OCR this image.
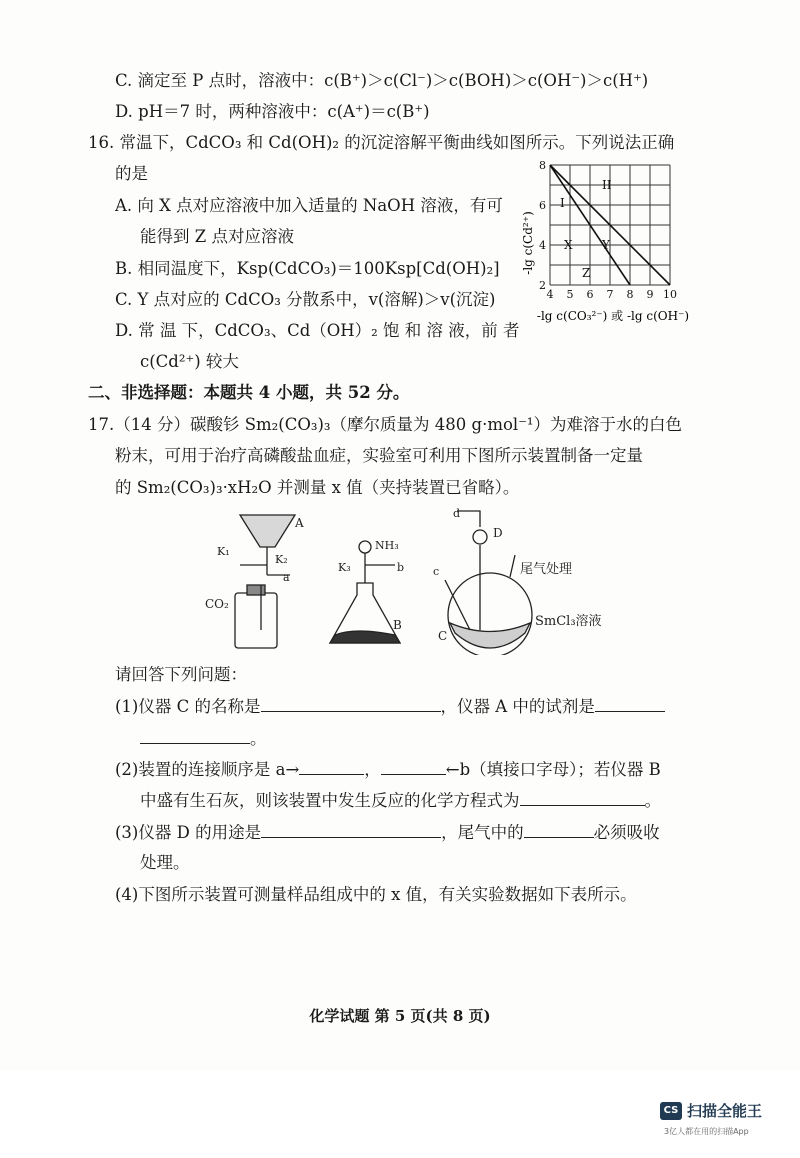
C. 滴定至 P 点时，溶液中：c(B⁺)＞c(Cl⁻)＞c(BOH)＞c(OH⁻)＞c(H⁺)
D. pH＝7 时，两种溶液中：c(A⁺)＝c(B⁺)
16. 常温下，CdCO₃ 和 Cd(OH)₂ 的沉淀溶解平衡曲线如图所示。下列说法正确
的是
A. 向 X 点对应溶液中加入适量的 NaOH 溶液，有可
能得到 Z 点对应溶液
B. 相同温度下，Ksp(CdCO₃)＝100Ksp[Cd(OH)₂]
C. Y 点对应的 CdCO₃ 分散系中，v(溶解)＞v(沉淀)
D. 常 温 下，CdCO₃、Cd（OH）₂ 饱 和 溶 液，前 者
c(Cd²⁺) 较大
I
II
4 5 6 7 8 9 10
2
4
6
8
X Y
Z
-lg c(Cd²⁺)
-lg c(CO₃²⁻) 或 -lg c(OH⁻)
二、非选择题：本题共 4 小题，共 52 分。
17.（14 分）碳酸钐 Sm₂(CO₃)₃（摩尔质量为 480 g·mol⁻¹）为难溶于水的白色
粉末，可用于治疗高磷酸盐血症，实验室可利用下图所示装置制备一定量
的 Sm₂(CO₃)₃·xH₂O 并测量 x 值（夹持装置已省略）。
A
K₁
K₂
a
CO₂
NH₃
K₃	b
B
d
D
c
C
尾气处理
SmCl₃溶液
请回答下列问题：
(1)仪器 C 的名称是	，仪器 A 中的试剂是
。
(2)装置的连接顺序是 a→	，	←b（填接口字母）；若仪器 B
中盛有生石灰，则该装置中发生反应的化学方程式为	。
(3)仪器 D 的用途是	，尾气中的	必须吸收
处理。
(4)下图所示装置可测量样品组成中的 x 值，有关实验数据如下表所示。
化学试题 第 5 页(共 8 页)
CS 扫描全能王
3亿人都在用的扫描App
